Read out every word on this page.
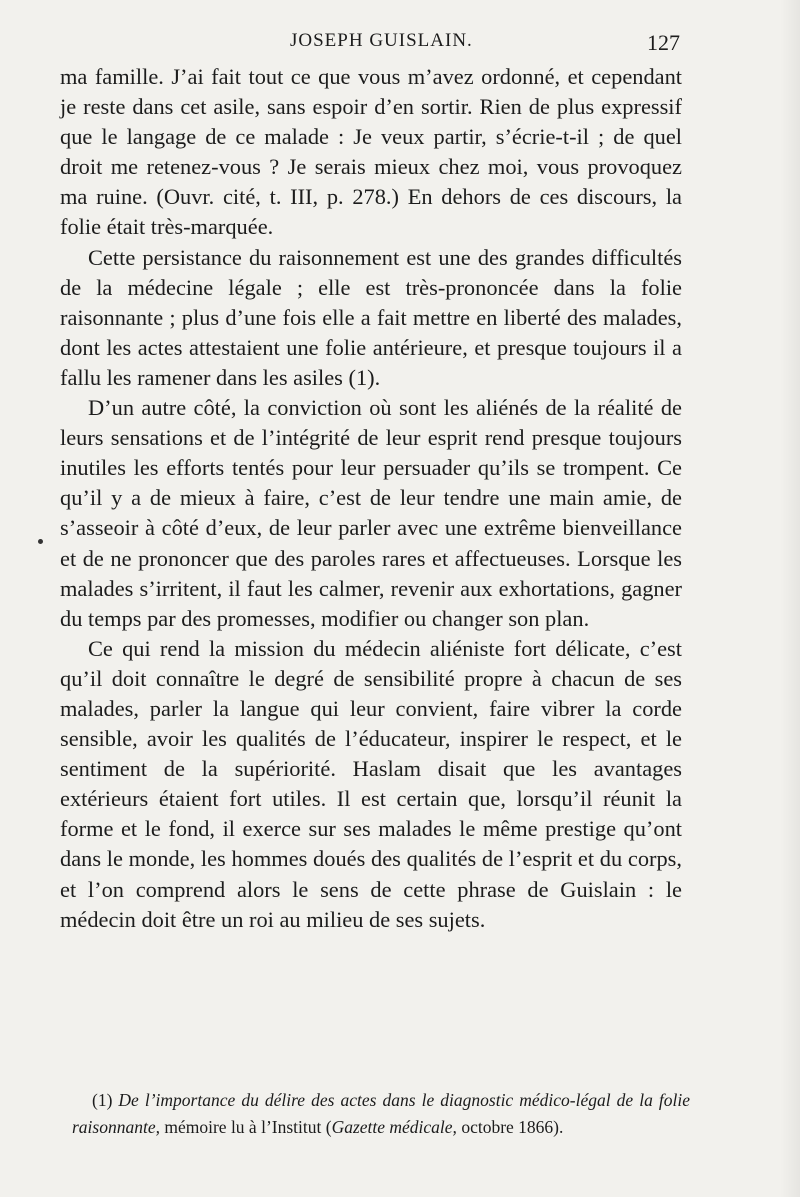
JOSEPH GUISLAIN.	127

ma famille. J’ai fait tout ce que vous m’avez ordonné, et cependant je reste dans cet asile, sans espoir d’en sortir. Rien de plus expressif que le langage de ce malade : Je veux partir, s’écrie-t-il ; de quel droit me retenez-vous ? Je serais mieux chez moi, vous provoquez ma ruine. (Ouvr. cité, t. III, p. 278.) En dehors de ces discours, la folie était très-marquée.

Cette persistance du raisonnement est une des grandes difficultés de la médecine légale ; elle est très-prononcée dans la folie raisonnante ; plus d’une fois elle a fait mettre en liberté des malades, dont les actes attestaient une folie antérieure, et presque toujours il a fallu les ramener dans les asiles (1).

D’un autre côté, la conviction où sont les aliénés de la réalité de leurs sensations et de l’intégrité de leur esprit rend presque toujours inutiles les efforts tentés pour leur persuader qu’ils se trompent. Ce qu’il y a de mieux à faire, c’est de leur tendre une main amie, de s’asseoir à côté d’eux, de leur parler avec une extrême bienveillance et de ne prononcer que des paroles rares et affectueuses. Lorsque les malades s’irritent, il faut les calmer, revenir aux exhortations, gagner du temps par des promesses, modifier ou changer son plan.

Ce qui rend la mission du médecin aliéniste fort délicate, c’est qu’il doit connaître le degré de sensibilité propre à chacun de ses malades, parler la langue qui leur convient, faire vibrer la corde sensible, avoir les qualités de l’éducateur, inspirer le respect, et le sentiment de la supériorité. Haslam disait que les avantages extérieurs étaient fort utiles. Il est certain que, lorsqu’il réunit la forme et le fond, il exerce sur ses malades le même prestige qu’ont dans le monde, les hommes doués des qualités de l’esprit et du corps, et l’on comprend alors le sens de cette phrase de Guislain : le médecin doit être un roi au milieu de ses sujets.

(1) De l’importance du délire des actes dans le diagnostic médico-légal de la folie raisonnante, mémoire lu à l’Institut (Gazette médicale, octobre 1866).
